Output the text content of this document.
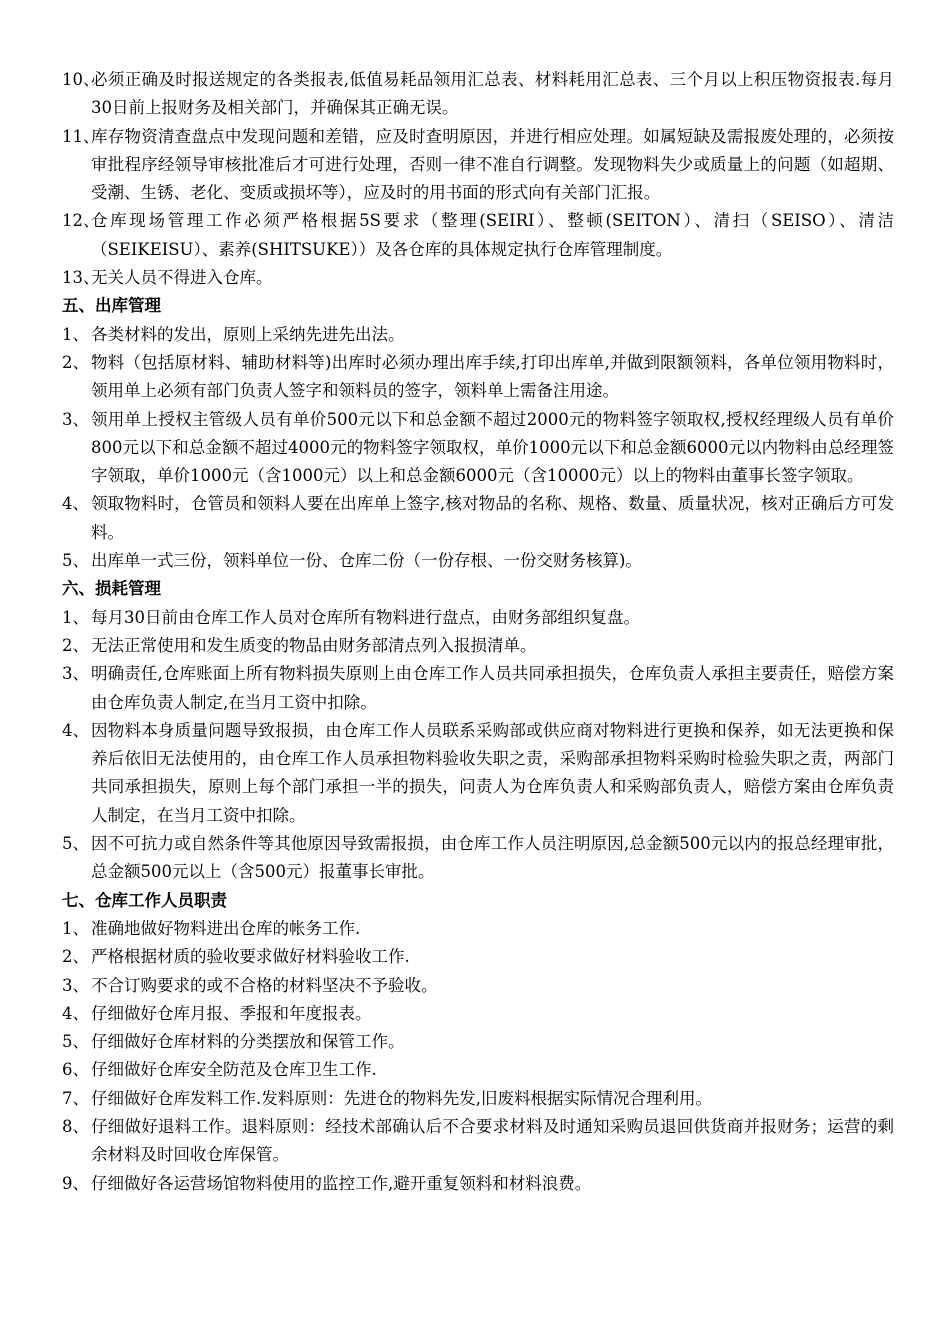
10、
必须正确及时报送规定的各类报表,低值易耗品领用汇总表、材料耗用汇总表、三个月以上积压物资报表.每月30日前上报财务及相关部门，并确保其正确无误。
11、
库存物资清查盘点中发现问题和差错，应及时查明原因，并进行相应处理。如属短缺及需报废处理的，必须按审批程序经领导审核批准后才可进行处理，否则一律不准自行调整。发现物料失少或质量上的问题（如超期、受潮、生锈、老化、变质或损坏等），应及时的用书面的形式向有关部门汇报。
12、
仓库现场管理工作必须严格根据5S要求（整理(SEIRI）、整顿(SEITON）、清扫（SEISO）、清洁（SEIKEISU）、素养(SHITSUKE））及各仓库的具体规定执行仓库管理制度。
13、
无关人员不得进入仓库。
五、出库管理
1、 各类材料的发出，原则上采纳先进先出法。
2、 物料（包括原材料、辅助材料等)出库时必须办理出库手续,打印出库单,并做到限额领料，各单位领用物料时，领用单上必须有部门负责人签字和领料员的签字，领料单上需备注用途。
3、 领用单上授权主管级人员有单价500元以下和总金额不超过2000元的物料签字领取权,授权经理级人员有单价800元以下和总金额不超过4000元的物料签字领取权，单价1000元以下和总金额6000元以内物料由总经理签字领取，单价1000元（含1000元）以上和总金额6000元（含10000元）以上的物料由董事长签字领取。
4、 领取物料时，仓管员和领料人要在出库单上签字,核对物品的名称、规格、数量、质量状况，核对正确后方可发料。
5、 出库单一式三份，领料单位一份、仓库二份（一份存根、一份交财务核算)。
六、损耗管理
1、 每月30日前由仓库工作人员对仓库所有物料进行盘点，由财务部组织复盘。
2、 无法正常使用和发生质变的物品由财务部清点列入报损清单。
3、 明确责任,仓库账面上所有物料损失原则上由仓库工作人员共同承担损失，仓库负责人承担主要责任，赔偿方案由仓库负责人制定,在当月工资中扣除。
4、 因物料本身质量问题导致报损，由仓库工作人员联系采购部或供应商对物料进行更换和保养，如无法更换和保养后依旧无法使用的，由仓库工作人员承担物料验收失职之责，采购部承担物料采购时检验失职之责，两部门共同承担损失，原则上每个部门承担一半的损失，问责人为仓库负责人和采购部负责人，赔偿方案由仓库负责人制定，在当月工资中扣除。
5、 因不可抗力或自然条件等其他原因导致需报损，由仓库工作人员注明原因,总金额500元以内的报总经理审批，总金额500元以上（含500元）报董事长审批。
七、仓库工作人员职责
1、 准确地做好物料进出仓库的帐务工作.
2、 严格根据材质的验收要求做好材料验收工作.
3、 不合订购要求的或不合格的材料坚决不予验收。
4、 仔细做好仓库月报、季报和年度报表。
5、 仔细做好仓库材料的分类摆放和保管工作。
6、 仔细做好仓库安全防范及仓库卫生工作.
7、 仔细做好仓库发料工作.发料原则：先进仓的物料先发,旧废料根据实际情况合理利用。
8、 仔细做好退料工作。退料原则：经技术部确认后不合要求材料及时通知采购员退回供货商并报财务；运营的剩余材料及时回收仓库保管。
9、 仔细做好各运营场馆物料使用的监控工作,避开重复领料和材料浪费。
